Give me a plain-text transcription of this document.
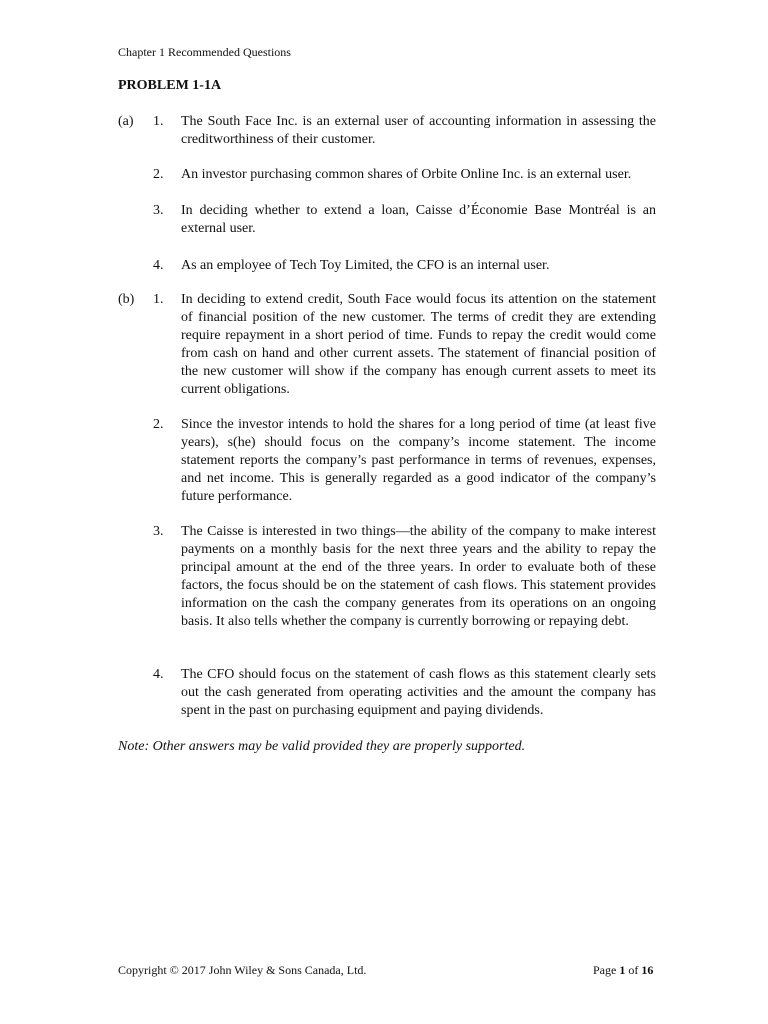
Chapter 1 Recommended Questions
PROBLEM 1-1A
(a) 1. The South Face Inc. is an external user of accounting information in assessing the creditworthiness of their customer.

2. An investor purchasing common shares of Orbite Online Inc. is an external user.

3. In deciding whether to extend a loan, Caisse d’Économie Base Montréal is an external user.

4. As an employee of Tech Toy Limited, the CFO is an internal user.

(b) 1. In deciding to extend credit, South Face would focus its attention on the statement of financial position of the new customer. The terms of credit they are extending require repayment in a short period of time. Funds to repay the credit would come from cash on hand and other current assets. The statement of financial position of the new customer will show if the company has enough current assets to meet its current obligations.

2. Since the investor intends to hold the shares for a long period of time (at least five years), s(he) should focus on the company’s income statement. The income statement reports the company’s past performance in terms of revenues, expenses, and net income. This is generally regarded as a good indicator of the company’s future performance.

3. The Caisse is interested in two things—the ability of the company to make interest payments on a monthly basis for the next three years and the ability to repay the principal amount at the end of the three years. In order to evaluate both of these factors, the focus should be on the statement of cash flows. This statement provides information on the cash the company generates from its operations on an ongoing basis. It also tells whether the company is currently borrowing or repaying debt.

4. The CFO should focus on the statement of cash flows as this statement clearly sets out the cash generated from operating activities and the amount the company has spent in the past on purchasing equipment and paying dividends.

Note: Other answers may be valid provided they are properly supported.

Copyright © 2017 John Wiley & Sons Canada, Ltd.	Page 1 of 16
